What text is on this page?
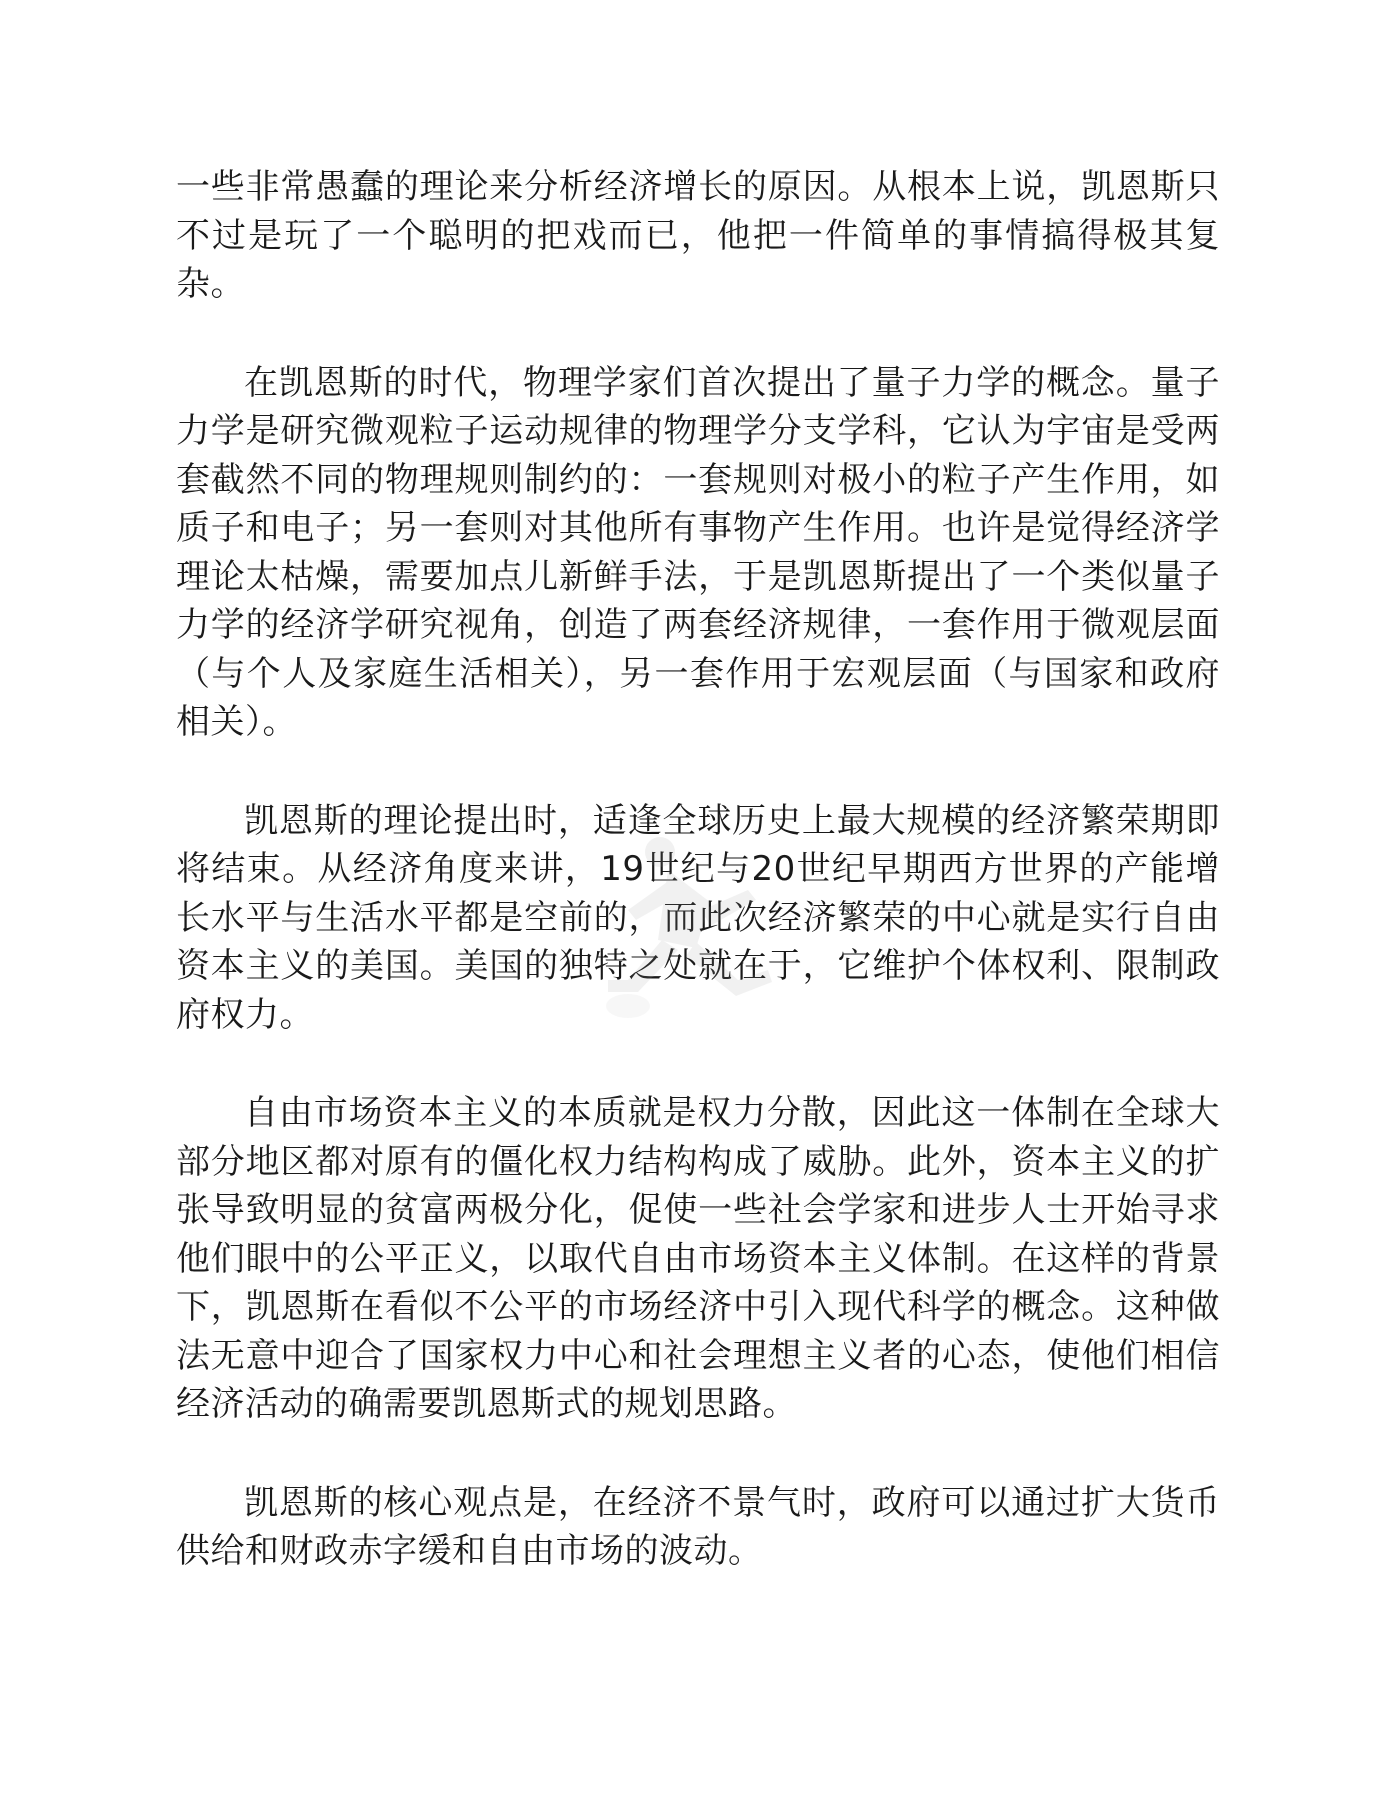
一些非常愚蠢的理论来分析经济增长的原因。从根本上说，凯恩斯只不过是玩了一个聪明的把戏而已，他把一件简单的事情搞得极其复杂。

在凯恩斯的时代，物理学家们首次提出了量子力学的概念。量子力学是研究微观粒子运动规律的物理学分支学科，它认为宇宙是受两套截然不同的物理规则制约的：一套规则对极小的粒子产生作用，如质子和电子；另一套则对其他所有事物产生作用。也许是觉得经济学理论太枯燥，需要加点儿新鲜手法，于是凯恩斯提出了一个类似量子力学的经济学研究视角，创造了两套经济规律，一套作用于微观层面（与个人及家庭生活相关），另一套作用于宏观层面（与国家和政府相关）。

凯恩斯的理论提出时，适逢全球历史上最大规模的经济繁荣期即将结束。从经济角度来讲，19世纪与20世纪早期西方世界的产能增长水平与生活水平都是空前的，而此次经济繁荣的中心就是实行自由资本主义的美国。美国的独特之处就在于，它维护个体权利、限制政府权力。

自由市场资本主义的本质就是权力分散，因此这一体制在全球大部分地区都对原有的僵化权力结构构成了威胁。此外，资本主义的扩张导致明显的贫富两极分化，促使一些社会学家和进步人士开始寻求他们眼中的公平正义，以取代自由市场资本主义体制。在这样的背景下，凯恩斯在看似不公平的市场经济中引入现代科学的概念。这种做法无意中迎合了国家权力中心和社会理想主义者的心态，使他们相信经济活动的确需要凯恩斯式的规划思路。

凯恩斯的核心观点是，在经济不景气时，政府可以通过扩大货币供给和财政赤字缓和自由市场的波动。
